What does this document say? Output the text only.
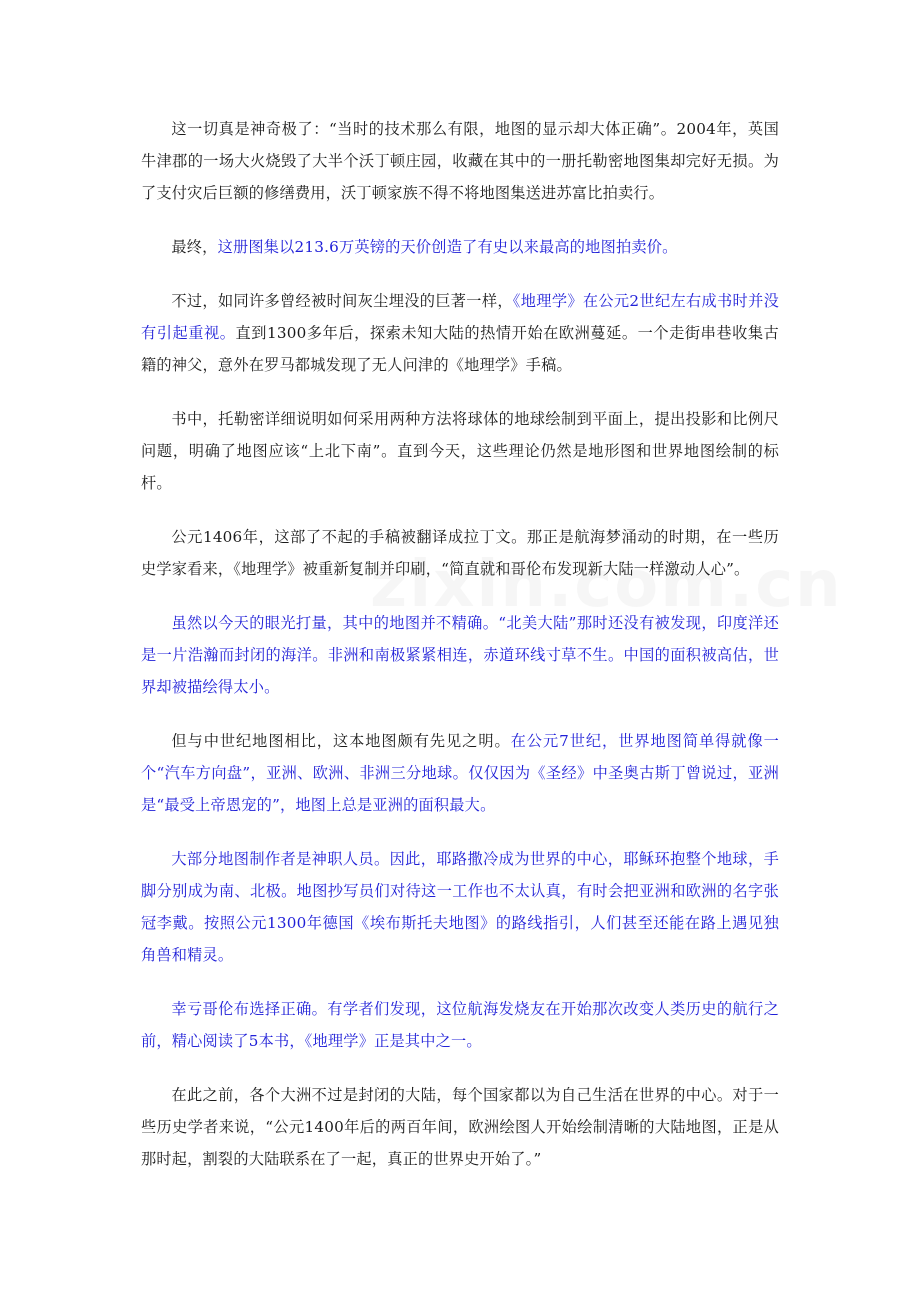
这一切真是神奇极了：“当时的技术那么有限，地图的显示却大体正确”。2004年，英国牛津郡的一场大火烧毁了大半个沃丁顿庄园，收藏在其中的一册托勒密地图集却完好无损。为了支付灾后巨额的修缮费用，沃丁顿家族不得不将地图集送进苏富比拍卖行。

最终，这册图集以213.6万英镑的天价创造了有史以来最高的地图拍卖价。

不过，如同许多曾经被时间灰尘埋没的巨著一样，《地理学》在公元2世纪左右成书时并没有引起重视。直到1300多年后，探索未知大陆的热情开始在欧洲蔓延。一个走街串巷收集古籍的神父，意外在罗马都城发现了无人问津的《地理学》手稿。

书中，托勒密详细说明如何采用两种方法将球体的地球绘制到平面上，提出投影和比例尺问题，明确了地图应该“上北下南”。直到今天，这些理论仍然是地形图和世界地图绘制的标杆。

公元1406年，这部了不起的手稿被翻译成拉丁文。那正是航海梦涌动的时期，在一些历史学家看来，《地理学》被重新复制并印刷，“简直就和哥伦布发现新大陆一样激动人心”。

虽然以今天的眼光打量，其中的地图并不精确。“北美大陆”那时还没有被发现，印度洋还是一片浩瀚而封闭的海洋。非洲和南极紧紧相连，赤道环线寸草不生。中国的面积被高估，世界却被描绘得太小。

但与中世纪地图相比，这本地图颇有先见之明。在公元7世纪，世界地图简单得就像一个“汽车方向盘”，亚洲、欧洲、非洲三分地球。仅仅因为《圣经》中圣奥古斯丁曾说过，亚洲是“最受上帝恩宠的”，地图上总是亚洲的面积最大。

大部分地图制作者是神职人员。因此，耶路撒冷成为世界的中心，耶稣环抱整个地球，手脚分别成为南、北极。地图抄写员们对待这一工作也不太认真，有时会把亚洲和欧洲的名字张冠李戴。按照公元1300年德国《埃布斯托夫地图》的路线指引，人们甚至还能在路上遇见独角兽和精灵。

幸亏哥伦布选择正确。有学者们发现，这位航海发烧友在开始那次改变人类历史的航行之前，精心阅读了5本书，《地理学》正是其中之一。

在此之前，各个大洲不过是封闭的大陆，每个国家都以为自己生活在世界的中心。对于一些历史学者来说，“公元1400年后的两百年间，欧洲绘图人开始绘制清晰的大陆地图，正是从那时起，割裂的大陆联系在了一起，真正的世界史开始了。”
